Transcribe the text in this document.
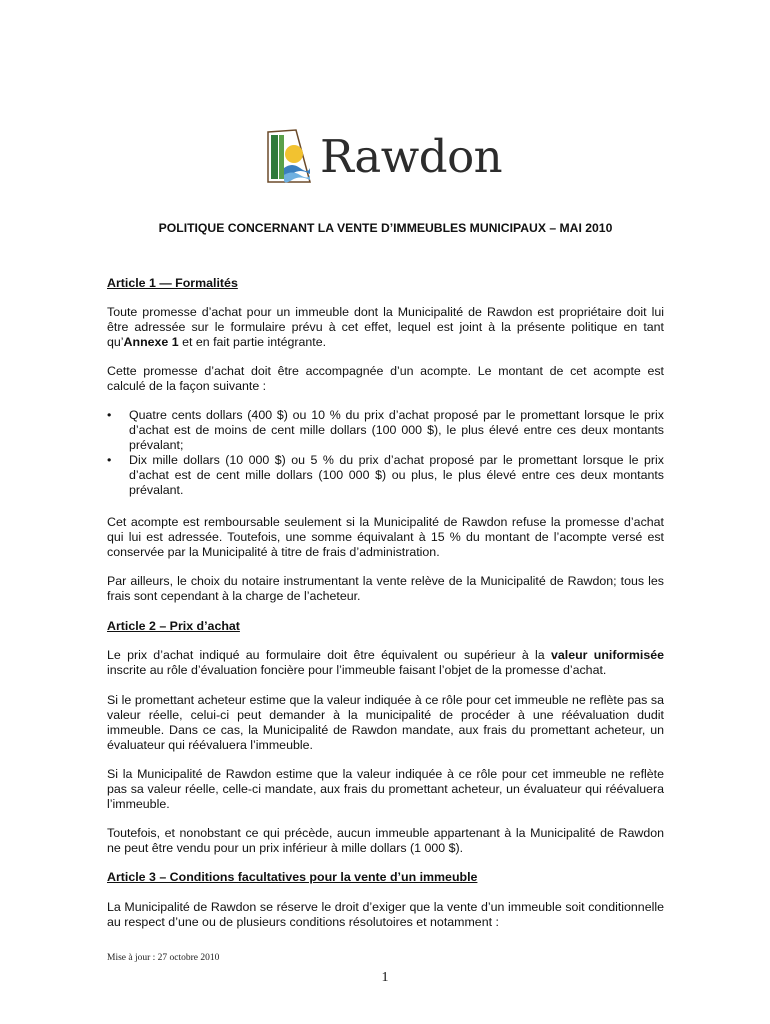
Rawdon
POLITIQUE CONCERNANT LA VENTE D’IMMEUBLES MUNICIPAUX – MAI 2010
Article 1 — Formalités
Toute promesse d’achat pour un immeuble dont la Municipalité de Rawdon est propriétaire doit lui être adressée sur le formulaire prévu à cet effet, lequel est joint à la présente politique en tant qu’Annexe 1 et en fait partie intégrante.
Cette promesse d’achat doit être accompagnée d’un acompte. Le montant de cet acompte est calculé de la façon suivante :
• Quatre cents dollars (400 $) ou 10 % du prix d’achat proposé par le promettant lorsque le prix d’achat est de moins de cent mille dollars (100 000 $), le plus élevé entre ces deux montants prévalant;
• Dix mille dollars (10 000 $) ou 5 % du prix d’achat proposé par le promettant lorsque le prix d’achat est de cent mille dollars (100 000 $) ou plus, le plus élevé entre ces deux montants prévalant.
Cet acompte est remboursable seulement si la Municipalité de Rawdon refuse la promesse d’achat qui lui est adressée. Toutefois, une somme équivalant à 15 % du montant de l’acompte versé est conservée par la Municipalité à titre de frais d’administration.
Par ailleurs, le choix du notaire instrumentant la vente relève de la Municipalité de Rawdon; tous les frais sont cependant à la charge de l’acheteur.
Article 2 – Prix d’achat
Le prix d’achat indiqué au formulaire doit être équivalent ou supérieur à la valeur uniformisée inscrite au rôle d’évaluation foncière pour l’immeuble faisant l’objet de la promesse d’achat.
Si le promettant acheteur estime que la valeur indiquée à ce rôle pour cet immeuble ne reflète pas sa valeur réelle, celui-ci peut demander à la municipalité de procéder à une réévaluation dudit immeuble. Dans ce cas, la Municipalité de Rawdon mandate, aux frais du promettant acheteur, un évaluateur qui réévaluera l’immeuble.
Si la Municipalité de Rawdon estime que la valeur indiquée à ce rôle pour cet immeuble ne reflète pas sa valeur réelle, celle-ci mandate, aux frais du promettant acheteur, un évaluateur qui réévaluera l’immeuble.
Toutefois, et nonobstant ce qui précède, aucun immeuble appartenant à la Municipalité de Rawdon ne peut être vendu pour un prix inférieur à mille dollars (1 000 $).
Article 3 – Conditions facultatives pour la vente d’un immeuble
La Municipalité de Rawdon se réserve le droit d’exiger que la vente d’un immeuble soit conditionnelle au respect d’une ou de plusieurs conditions résolutoires et notamment :
Mise à jour : 27 octobre 2010
1
